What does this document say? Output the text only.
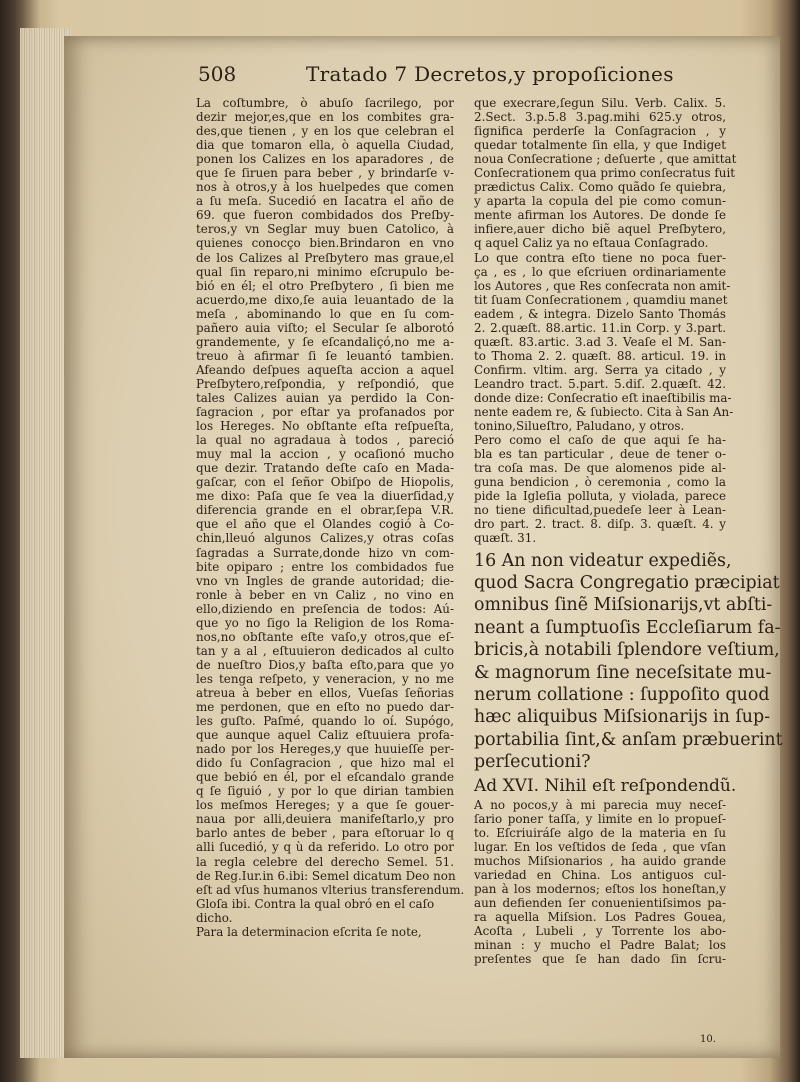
508	Tratado 7 Decretos,y propoſiciones

La coſtumbre, ò abuſo ſacrilego, por

dezir mejor,es,que en los combites gra-

des,que tienen , y en los que celebran el

dia que tomaron ella, ò aquella Ciudad,

ponen los Calizes en los aparadores , de

que ſe ſiruen para beber , y brindarſe v-

nos à otros,y à los huelpedes que comen

a ſu meſa. Sucedió en Iacatra el año de

69. que fueron combidados dos Preſby-

teros,y vn Seglar muy buen Catolico, à

quienes conocço bien.Brindaron en vno

de los Calizes al Preſbytero mas graue,el

qual ſin reparo,ni minimo eſcrupulo be-

bió en él; el otro Preſbytero , ſi bien me

acuerdo,me dixo,ſe auia leuantado de la

meſa , abominando lo que en ſu com-

pañero auia viſto; el Secular ſe alborotó

grandemente, y ſe eſcandaliçó,no me a-

treuo à afirmar ſi ſe leuantó tambien.

Afeando deſpues aqueſta accion a aquel

Preſbytero,reſpondia, y reſpondió, que

tales Calizes auian ya perdido la Con-

ſagracion , por eſtar ya profanados por

los Hereges. No obſtante eſta reſpueſta,

la qual no agradaua à todos , pareció

muy mal la accion , y ocaſionó mucho

que dezir. Tratando deſte caſo en Mada-

gaſcar, con el ſeñor Obiſpo de Hiopolis,

me dixo: Paſa que ſe vea la diuerſidad,y

diferencia grande en el obrar,ſepa V.R.

que el año que el Olandes cogió à Co-

chin,lleuó algunos Calizes,y otras coſas

ſagradas a Surrate,donde hizo vn com-

bite opiparo ; entre los combidados fue

vno vn Ingles de grande autoridad; die-

ronle à beber en vn Caliz , no vino en

ello,diziendo en preſencia de todos: Aú-

que yo no ſigo la Religion de los Roma-

nos,no obſtante eſte vaſo,y otros,que eſ-

tan y a al , eſtuuieron dedicados al culto

de nueſtro Dios,y baſta eſto,para que yo

les tenga reſpeto, y veneracion, y no me

atreua à beber en ellos, Vueſas ſeñorias

me perdonen, que en eſto no puedo dar-

les guſto. Paſmé, quando lo oí. Supógo,

que aunque aquel Caliz eſtuuiera profa-

nado por los Hereges,y que huuieſſe per-

dido ſu Conſagracion , que hizo mal el

que bebió en él, por el eſcandalo grande

q ſe ſiguió , y por lo que dirian tambien

los meſmos Hereges; y a que ſe gouer-

naua por alli,deuiera manifeſtarlo,y pro

barlo antes de beber , para eſtoruar lo q

alli ſucedió, y q ù da referido. Lo otro por

la regla celebre del derecho Semel. 51.

de Reg.Iur.in 6.ibi: Semel dicatum Deo non

eſt ad vſus humanos vlterius transferendum.

Gloſa ibi. Contra la qual obró en el caſo

dicho.

Para la determinacion eſcrita ſe note,

que execrare,ſegun Silu. Verb. Calix. 5.

2.Sect. 3.p.5.8 3.pag.mihi 625.y otros,

ſignifica perderſe la Conſagracion , y

quedar totalmente ſin ella, y que Indiget

noua Conſecratione ; deſuerte , que amittat

Conſecrationem qua primo conſecratus fuit

prædictus Calix. Como quãdo ſe quiebra,

y aparta la copula del pie como comun-

mente afirman los Autores. De donde ſe

infiere,auer dicho biẽ aquel Preſbytero,

q aquel Caliz ya no eſtaua Conſagrado.

Lo que contra eſto tiene no poca fuer-

ça , es , lo que eſcriuen ordinariamente

los Autores , que Res conſecrata non amit-

tit ſuam Conſecrationem , quamdiu manet

eadem , & integra. Dizelo Santo Thomás

2. 2.quæſt. 88.artic. 11.in Corp. y 3.part.

quæſt. 83.artic. 3.ad 3. Veaſe el M. San-

to Thoma 2. 2. quæſt. 88. articul. 19. in

Confirm. vltim. arg. Serra ya citado , y

Leandro tract. 5.part. 5.diſ. 2.quæſt. 42.

donde dize: Conſecratio eſt inaeſtibilis ma-

nente eadem re, & ſubiecto. Cita à San An-

tonino,Silueſtro, Paludano, y otros.

Pero como el caſo de que aqui ſe ha-

bla es tan particular , deue de tener o-

tra coſa mas. De que alomenos pide al-

guna bendicion , ò ceremonia , como la

pide la Igleſia polluta, y violada, parece

no tiene dificultad,puedeſe leer à Lean-

dro part. 2. tract. 8. diſp. 3. quæſt. 4. y

quæſt. 31.

16 An non videatur expediẽs,

quod Sacra Congregatio præcipiat

omnibus ſinẽ Miſsionarijs,vt abſti-

neant a ſumptuoſis Eccleſiarum fa-

bricis,à notabili ſplendore veſtium,

& magnorum ſine neceſsitate mu-

nerum collatione : ſuppoſito quod

hæc aliquibus Miſsionarijs in ſup-

portabilia ſint,& anſam præbuerint

perſecutioni?

Ad XVI. Nihil eſt reſpondendũ.

A no pocos,y à mi parecia muy neceſ-

ſario poner taſſa, y limite en lo propueſ-

to. Eſcriuiráſe algo de la materia en ſu

lugar. En los veſtidos de ſeda , que vſan

muchos Miſsionarios , ha auido grande

variedad en China. Los antiguos cul-

pan à los modernos; eſtos los honeſtan,y

aun defienden ſer conuenientiſsimos pa-

ra aquella Miſsion. Los Padres Gouea,

Acoſta , Lubeli , y Torrente los abo-

minan : y mucho el Padre Balat; los

preſentes que ſe han dado ſin ſcru-

10.
